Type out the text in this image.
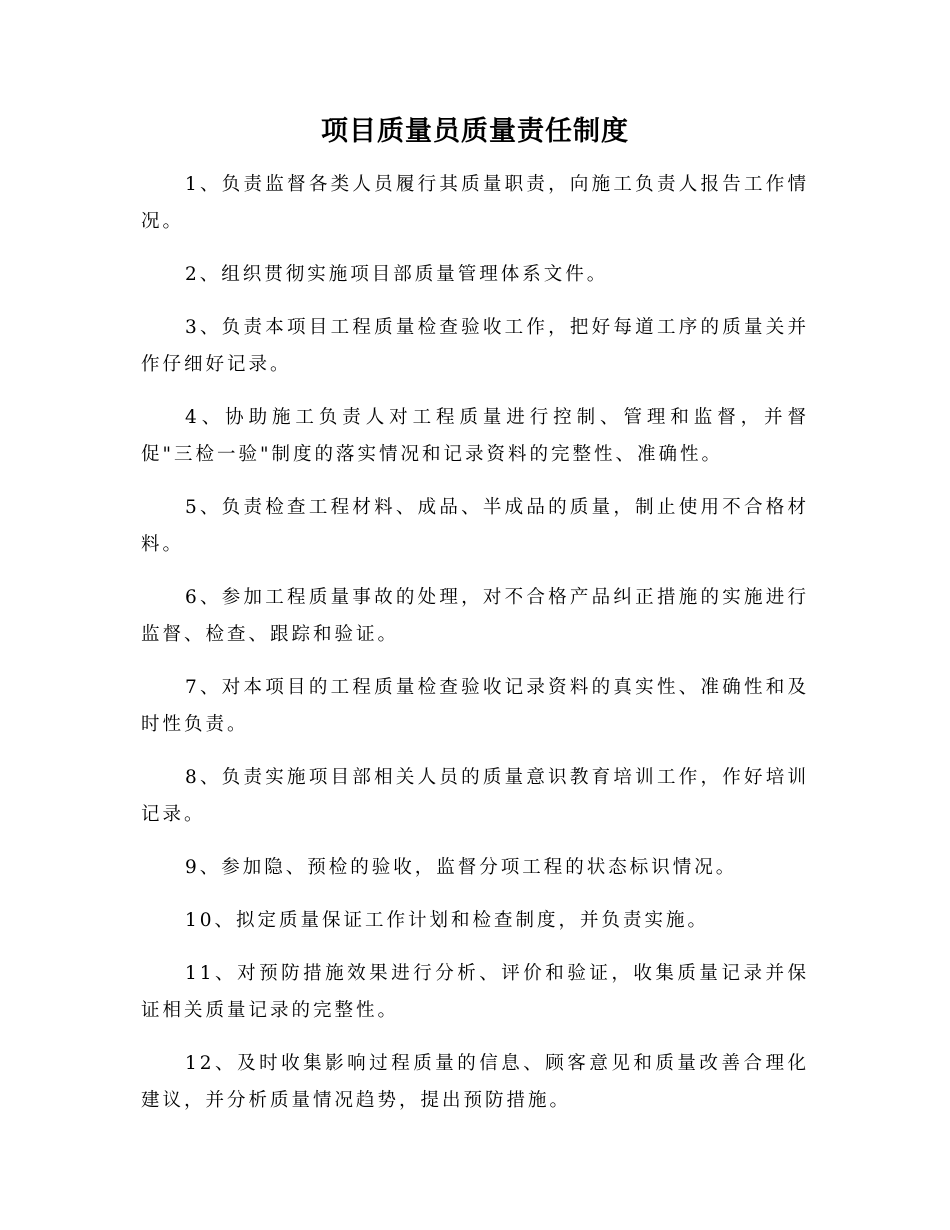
项目质量员质量责任制度

1、负责监督各类人员履行其质量职责，向施工负责人报告工作情况。

2、组织贯彻实施项目部质量管理体系文件。

3、负责本项目工程质量检查验收工作，把好每道工序的质量关并作仔细好记录。

4、协助施工负责人对工程质量进行控制、管理和监督，并督促"三检一验"制度的落实情况和记录资料的完整性、准确性。

5、负责检查工程材料、成品、半成品的质量，制止使用不合格材料。

6、参加工程质量事故的处理，对不合格产品纠正措施的实施进行监督、检查、跟踪和验证。

7、对本项目的工程质量检查验收记录资料的真实性、准确性和及时性负责。

8、负责实施项目部相关人员的质量意识教育培训工作，作好培训记录。

9、参加隐、预检的验收，监督分项工程的状态标识情况。

10、拟定质量保证工作计划和检查制度，并负责实施。

11、对预防措施效果进行分析、评价和验证，收集质量记录并保证相关质量记录的完整性。

12、及时收集影响过程质量的信息、顾客意见和质量改善合理化建议，并分析质量情况趋势，提出预防措施。
